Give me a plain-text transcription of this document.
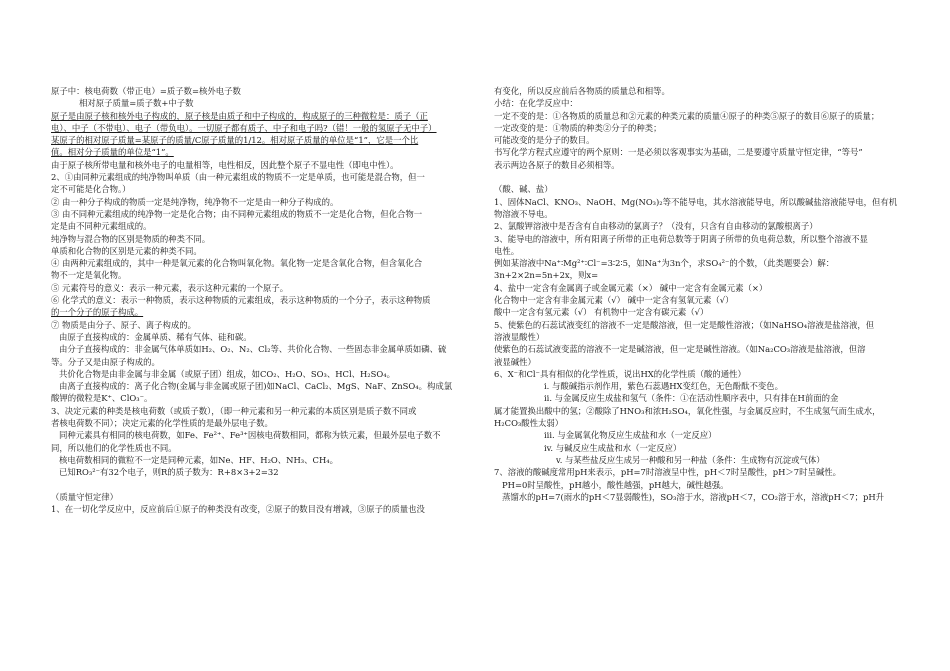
原子中：核电荷数（带正电）=质子数=核外电子数
相对原子质量=质子数+中子数
原子是由原子核和核外电子构成的，原子核是由质子和中子构成的，构成原子的三种微粒是：质子（正
电）、中子（不带电）、电子（带负电）。一切原子都有质子、中子和电子吗?（错！一般的氢原子无中子）
某原子的相对原子质量=某原子的质量/C原子质量的1/12。相对原子质量的单位是“1”，它是一个比
值。相对分子质量的单位是“1”。
由于原子核所带电量和核外电子的电量相等，电性相反，因此整个原子不显电性（即电中性）。
2、①由同种元素组成的纯净物叫单质（由一种元素组成的物质不一定是单质，也可能是混合物，但一
定不可能是化合物。）
② 由一种分子构成的物质一定是纯净物，纯净物不一定是由一种分子构成的。
③ 由不同种元素组成的纯净物一定是化合物；由不同种元素组成的物质不一定是化合物，但化合物一
定是由不同种元素组成的。
纯净物与混合物的区别是物质的种类不同。
单质和化合物的区别是元素的种类不同。
④ 由两种元素组成的，其中一种是氧元素的化合物叫氧化物。氧化物一定是含氧化合物，但含氧化合
物不一定是氧化物。
⑤ 元素符号的意义：表示一种元素，表示这种元素的一个原子。
⑥ 化学式的意义：表示一种物质，表示这种物质的元素组成，表示这种物质的一个分子，表示这种物质
的一个分子的原子构成。
⑦ 物质是由分子、原子、离子构成的。
由原子直接构成的：金属单质、稀有气体、硅和碳。
由分子直接构成的：非金属气体单质如H₂、O₂、N₂、Cl₂等、共价化合物、一些固态非金属单质如磷、硫
等。分子又是由原子构成的。
共价化合物是由非金属与非金属（或原子团）组成，如CO₂、H₂O、SO₃、HCl、H₂SO₄。
由离子直接构成的：离子化合物(金属与非金属或原子团)如NaCl、CaCl₂、MgS、NaF、ZnSO₄。构成氯
酸钾的微粒是K⁺、ClO₃⁻。
3、决定元素的种类是核电荷数（或质子数），（即一种元素和另一种元素的本质区别是质子数不同或
者核电荷数不同）；决定元素的化学性质的是最外层电子数。
同种元素具有相同的核电荷数，如Fe、Fe²⁺、Fe³⁺因核电荷数相同，都称为铁元素，但最外层电子数不
同，所以他们的化学性质也不同。
核电荷数相同的微粒不一定是同种元素，如Ne、HF、H₂O、NH₃、CH₄。
已知RO₃²⁻有32个电子，则R的质子数为：R+8×3+2=32
（质量守恒定律）
1、在一切化学反应中，反应前后①原子的种类没有改变，②原子的数目没有增减，③原子的质量也没
有变化，所以反应前后各物质的质量总和相等。
小结：在化学反应中：
一定不变的是：①各物质的质量总和②元素的种类元素的质量④原子的种类⑤原子的数目⑥原子的质量；
一定改变的是：①物质的种类②分子的种类；
可能改变的是分子的数目。
书写化学方程式应遵守的两个原则：一是必须以客观事实为基础，二是要遵守质量守恒定律，“等号”
表示两边各原子的数目必须相等。
（酸、碱、盐）
1、固体NaCl、KNO₃、NaOH、Mg(NO₃)₂等不能导电，其水溶液能导电，所以酸碱盐溶液能导电，但有机
物溶液不导电。
2、氯酸钾溶液中是否含有自由移动的氯离子？（没有，只含有自由移动的氯酸根离子）
3、能导电的溶液中，所有阳离子所带的正电荷总数等于阴离子所带的负电荷总数，所以整个溶液不显
电性。
例如某溶液中Na⁺∶Mg²⁺∶Cl⁻=3∶2∶5，如Na⁺为3n个，求SO₄²⁻的个数，（此类题要会）解：
3n+2×2n=5n+2x，则x=
4、盐中一定含有金属离子或金属元素（×） 碱中一定含有金属元素（×）
化合物中一定含有非金属元素（√） 碱中一定含有氢氧元素（√）
酸中一定含有氢元素（√） 有机物中一定含有碳元素（√）
5、使紫色的石蕊试液变红的溶液不一定是酸溶液，但一定是酸性溶液；（如NaHSO₄溶液是盐溶液，但
溶液显酸性）
使紫色的石蕊试液变蓝的溶液不一定是碱溶液，但一定是碱性溶液。（如Na₂CO₃溶液是盐溶液，但溶
液显碱性）
6、X⁻和Cl⁻具有相似的化学性质，说出HX的化学性质（酸的通性）
i. 与酸碱指示剂作用，紫色石蕊遇HX变红色，无色酚酞不变色。
ii. 与金属反应生成盐和氢气（条件：①在活动性顺序表中，只有排在H前面的金
属才能置换出酸中的氢；②酸除了HNO₃和浓H₂SO₄，氧化性强，与金属反应时，不生成氢气而生成水，
H₂CO₃酸性太弱）
iii. 与金属氧化物反应生成盐和水（一定反应）
iv. 与碱反应生成盐和水（一定反应）
v. 与某些盐反应生成另一种酸和另一种盐（条件：生成物有沉淀或气体）
7、溶液的酸碱度常用pH来表示，pH=7时溶液呈中性，pH＜7时呈酸性，pH＞7时呈碱性。
PH=0时呈酸性，pH越小，酸性越强，pH越大，碱性越强。
蒸馏水的pH=7(雨水的pH＜7显弱酸性)，SO₃溶于水，溶液pH＜7，CO₂溶于水，溶液pH＜7；pH升
